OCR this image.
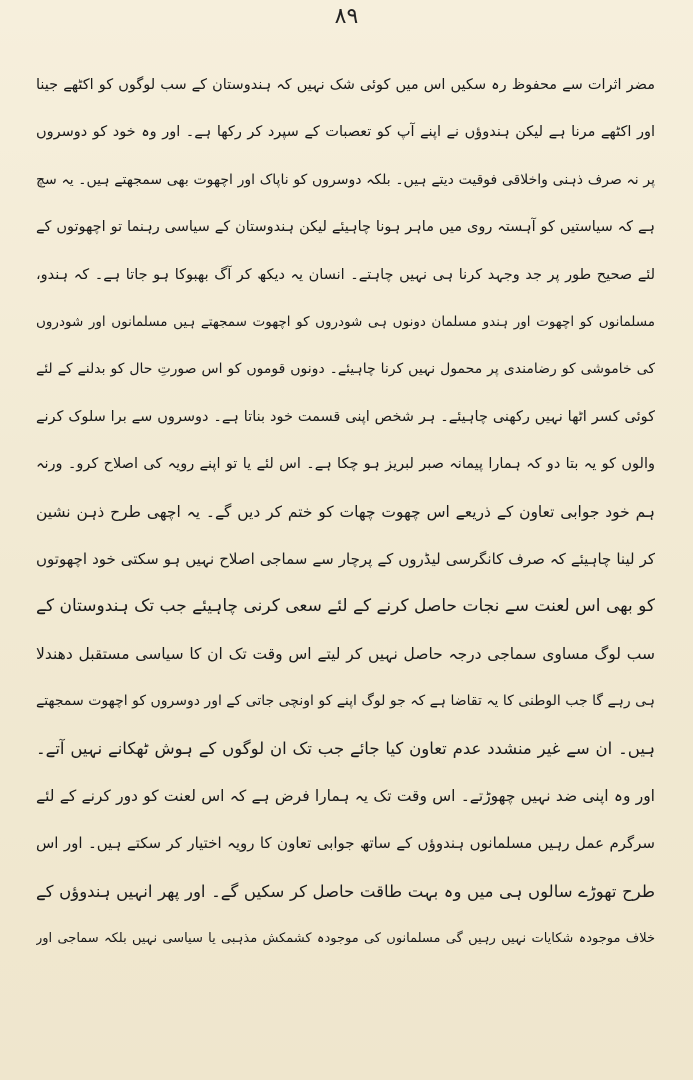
۸۹
مضر اثرات سے محفوظ رہ سکیں اس میں کوئی شک نہیں کہ ہندوستان کے سب لوگوں کو اکٹھے جینا
اور اکٹھے مرنا ہے لیکن ہندوؤں نے اپنے آپ کو تعصبات کے سپرد کر رکھا ہے۔ اور وہ خود کو دوسروں
پر نہ صرف ذہنی واخلاقی فوقیت دیتے ہیں۔ بلکہ دوسروں کو ناپاک اور اچھوت بھی سمجھتے ہیں۔ یہ سچ
ہے کہ سیاستیں کو آہستہ روی میں ماہر ہونا چاہیئے لیکن ہندوستان کے سیاسی رہنما تو اچھوتوں کے
لئے صحیح طور پر جد وجہد کرنا ہی نہیں چاہتے۔ انسان یہ دیکھ کر آگ بھبوکا ہو جاتا ہے۔ کہ ہندو،
مسلمانوں کو اچھوت اور ہندو مسلمان دونوں ہی شودروں کو اچھوت سمجھتے ہیں مسلمانوں اور شودروں
کی خاموشی کو رضامندی پر محمول نہیں کرنا چاہیئے۔ دونوں قوموں کو اس صورتِ حال کو بدلنے کے لئے
کوئی کسر اٹھا نہیں رکھنی چاہیئے۔ ہر شخص اپنی قسمت خود بناتا ہے۔ دوسروں سے برا سلوک کرنے
والوں کو یہ بتا دو کہ ہمارا پیمانہ صبر لبریز ہو چکا ہے۔ اس لئے یا تو اپنے رویہ کی اصلاح کرو۔ ورنہ
ہم خود جوابی تعاون کے ذریعے اس چھوت چھات کو ختم کر دیں گے۔ یہ اچھی طرح ذہن نشین
کر لینا چاہیئے کہ صرف کانگرسی لیڈروں کے پرچار سے سماجی اصلاح نہیں ہو سکتی خود اچھوتوں
کو بھی اس لعنت سے نجات حاصل کرنے کے لئے سعی کرنی چاہیئے جب تک ہندوستان کے
سب لوگ مساوی سماجی درجہ حاصل نہیں کر لیتے اس وقت تک ان کا سیاسی مستقبل دھندلا
ہی رہے گا جب الوطنی کا یہ تقاضا ہے کہ جو لوگ اپنے کو اونچی جاتی کے اور دوسروں کو اچھوت سمجھتے
ہیں۔ ان سے غیر منشدد عدم تعاون کیا جائے جب تک ان لوگوں کے ہوش ٹھکانے نہیں آتے۔
اور وہ اپنی ضد نہیں چھوڑتے۔ اس وقت تک یہ ہمارا فرض ہے کہ اس لعنت کو دور کرنے کے لئے
سرگرم عمل رہیں مسلمانوں ہندوؤں کے ساتھ جوابی تعاون کا رویہ اختیار کر سکتے ہیں۔ اور اس
طرح تھوڑے سالوں ہی میں وہ بہت طاقت حاصل کر سکیں گے۔ اور پھر انہیں ہندوؤں کے
خلاف موجودہ شکایات نہیں رہیں گی مسلمانوں کی موجودہ کشمکش مذہبی یا سیاسی نہیں بلکہ سماجی اور
